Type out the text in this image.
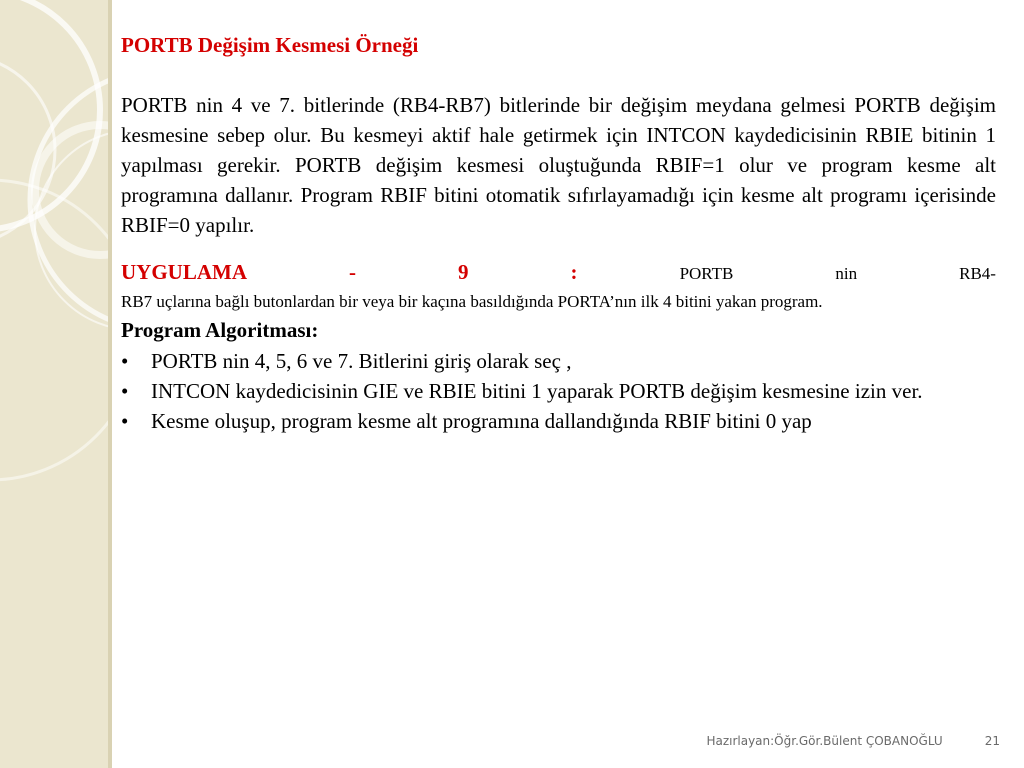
PORTB Değişim Kesmesi Örneği

PORTB nin 4 ve 7. bitlerinde (RB4-RB7) bitlerinde bir değişim meydana gelmesi PORTB değişim kesmesine sebep olur. Bu kesmeyi aktif hale getirmek için INTCON kaydedicisinin RBIE bitinin 1 yapılması gerekir. PORTB değişim kesmesi oluştuğunda RBIF=1 olur ve program kesme alt programına dallanır. Program RBIF bitini otomatik sıfırlayamadığı için kesme alt programı içerisinde RBIF=0 yapılır.

UYGULAMA	-	9	:	PORTB	nin	RB4-

RB7 uçlarına bağlı butonlardan bir veya bir kaçına basıldığında PORTA’nın ilk 4 bitini yakan program.

Program Algoritması:

• PORTB nin 4, 5, 6 ve 7. Bitlerini giriş olarak seç ,
• INTCON kaydedicisinin GIE ve RBIE bitini 1 yaparak PORTB değişim kesmesine izin ver.
• Kesme oluşup, program kesme alt programına dallandığında RBIF bitini 0 yap
Hazırlayan:Öğr.Gör.Bülent ÇOBANOĞLU	21
